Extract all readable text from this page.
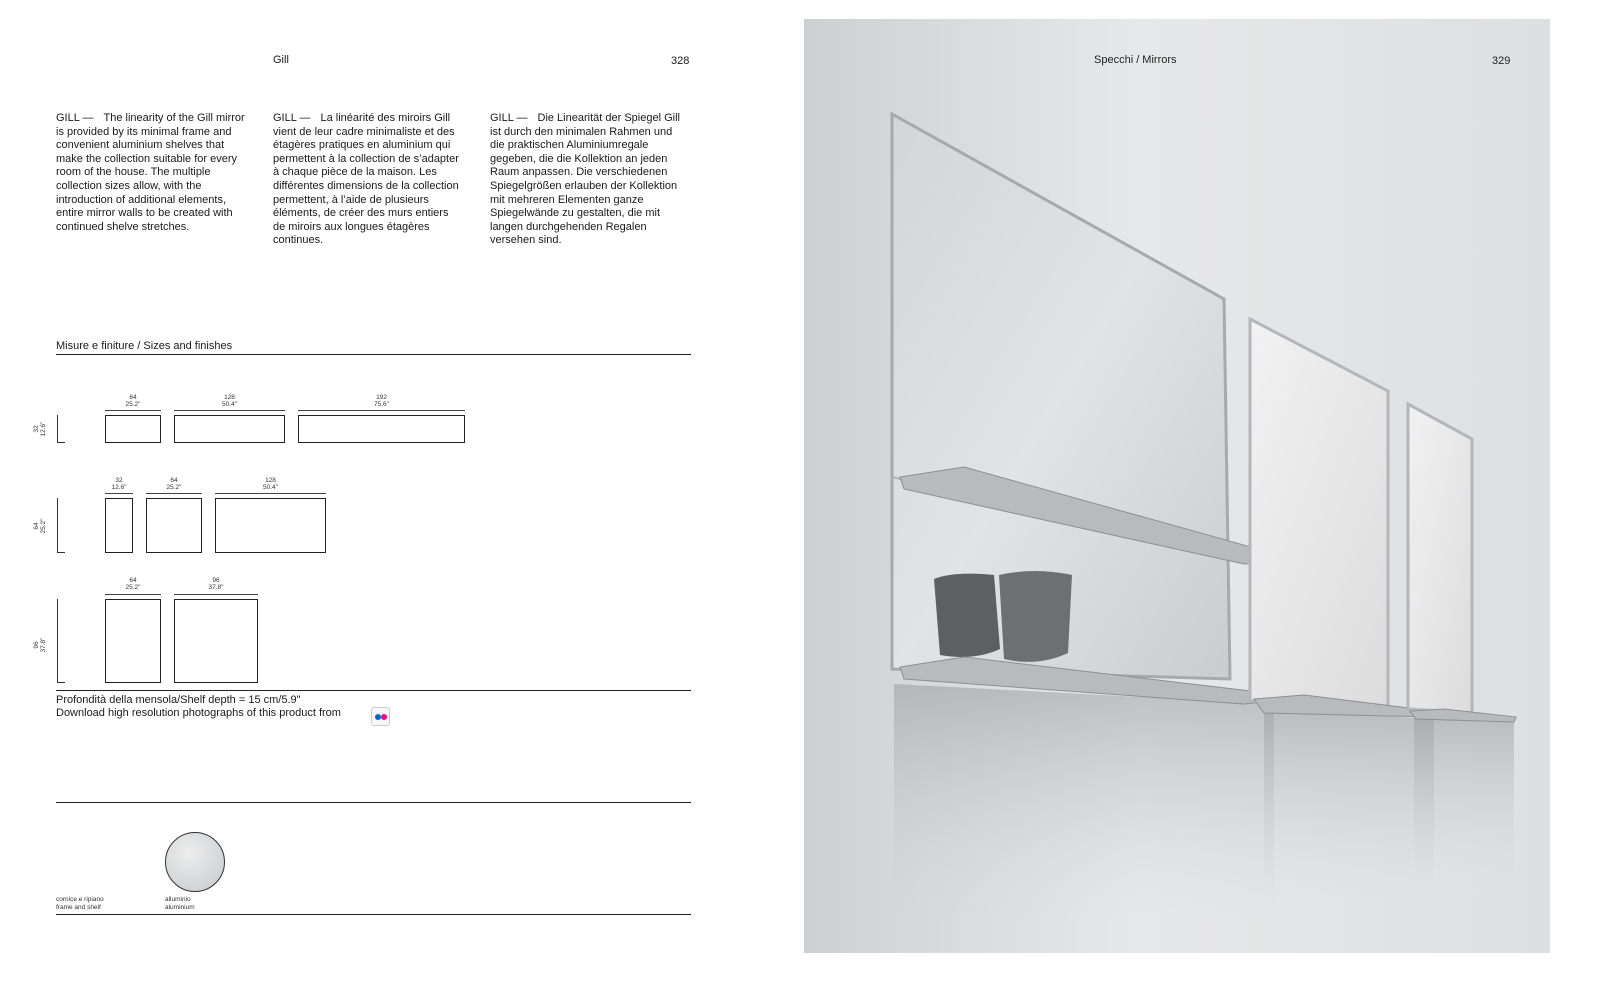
Gill	328
GILL — The linearity of the Gill mirror is provided by its minimal frame and convenient aluminium shelves that make the collection suitable for every room of the house. The multiple collection sizes allow, with the introduction of additional elements, entire mirror walls to be created with continued shelve stretches.
GILL — La linéarité des miroirs Gill vient de leur cadre minimaliste et des étagères pratiques en aluminium qui permettent à la collection de s’adapter à chaque pièce de la maison. Les différentes dimensions de la collection permettent, à l’aide de plusieurs éléments, de créer des murs entiers de miroirs aux longues étagères continues.
GILL — Die Linearität der Spiegel Gill ist durch den minimalen Rahmen und die praktischen Aluminiumregale gegeben, die die Kollektion an jeden Raum anpassen. Die verschiedenen Spiegelgrößen erlauben der Kollektion mit mehreren Elementen ganze Spiegelwände zu gestalten, die mit langen durchgehenden Regalen versehen sind.
Misure e finiture / Sizes and finishes
32
12.6"
64
25.2"
128
50.4"
192
75.6"
64
25.2"
32
12.6"
64
25.2"
128
50.4"
96
37.8"
64
25.2"
96
37.8"
Profondità della mensola/Shelf depth = 15 cm/5.9"
Download high resolution photographs of this product from
cornice e ripiano
frame and shelf
alluminio
aluminium
Specchi / Mirrors	329
